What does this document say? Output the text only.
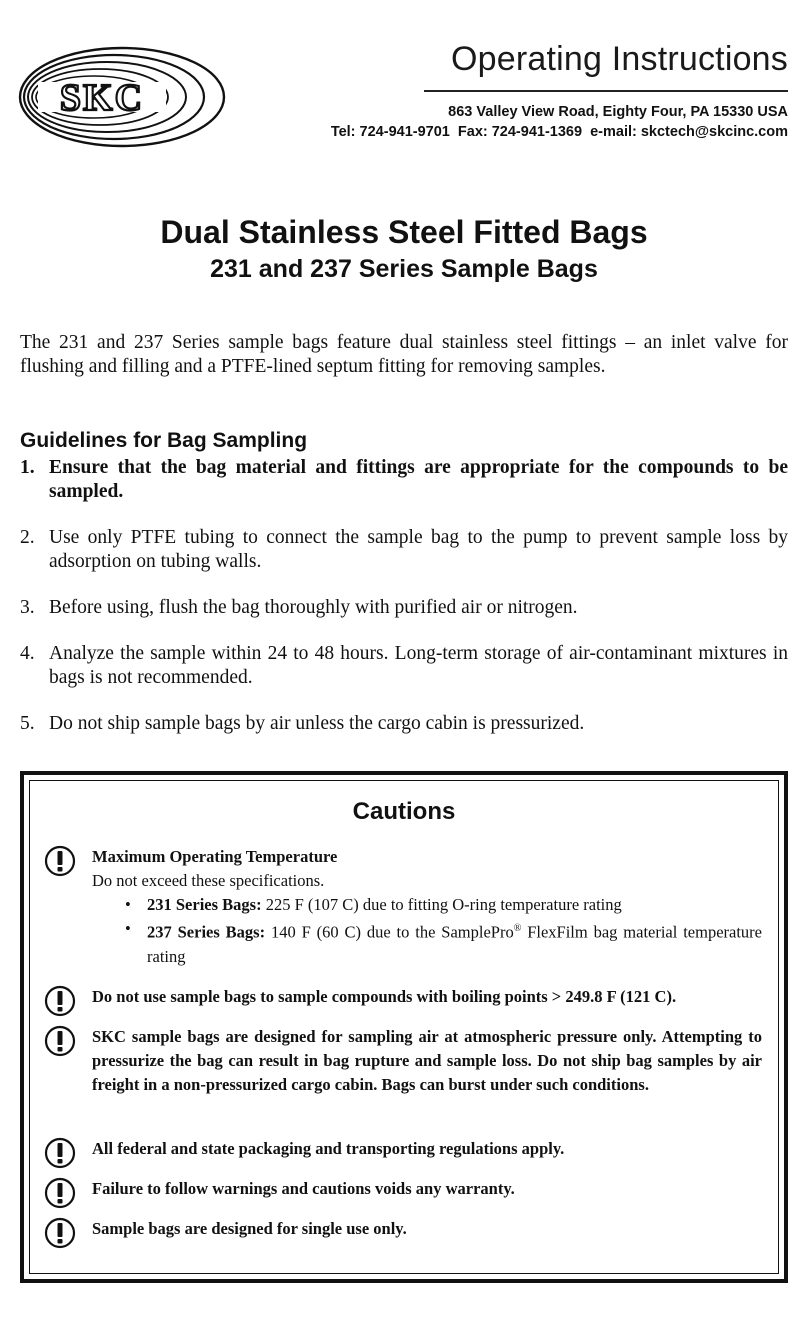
SKC
Operating Instructions
863 Valley View Road, Eighty Four, PA 15330 USA
Tel: 724-941-9701  Fax: 724-941-1369  e-mail: skctech@skcinc.com
Dual Stainless Steel Fitted Bags
231 and 237 Series Sample Bags
The 231 and 237 Series sample bags feature dual stainless steel fittings – an inlet valve for flushing and filling and a PTFE-lined septum fitting for removing samples.
Guidelines for Bag Sampling
1. Ensure that the bag material and fittings are appropriate for the compounds to be sampled.
2. Use only PTFE tubing to connect the sample bag to the pump to prevent sample loss by adsorption on tubing walls.
3. Before using, flush the bag thoroughly with purified air or nitrogen.
4. Analyze the sample within 24 to 48 hours. Long-term storage of air-contaminant mixtures in bags is not recommended.
5. Do not ship sample bags by air unless the cargo cabin is pressurized.
Cautions
Maximum Operating Temperature
Do not exceed these specifications.
• 231 Series Bags: 225 F (107 C) due to fitting O-ring temperature rating
• 237 Series Bags: 140 F (60 C) due to the SamplePro® FlexFilm bag material temperature rating
Do not use sample bags to sample compounds with boiling points > 249.8 F (121 C).
SKC sample bags are designed for sampling air at atmospheric pressure only. Attempting to pressurize the bag can result in bag rupture and sample loss. Do not ship bag samples by air freight in a non-pressurized cargo cabin. Bags can burst under such conditions.
All federal and state packaging and transporting regulations apply.
Failure to follow warnings and cautions voids any warranty.
Sample bags are designed for single use only.
